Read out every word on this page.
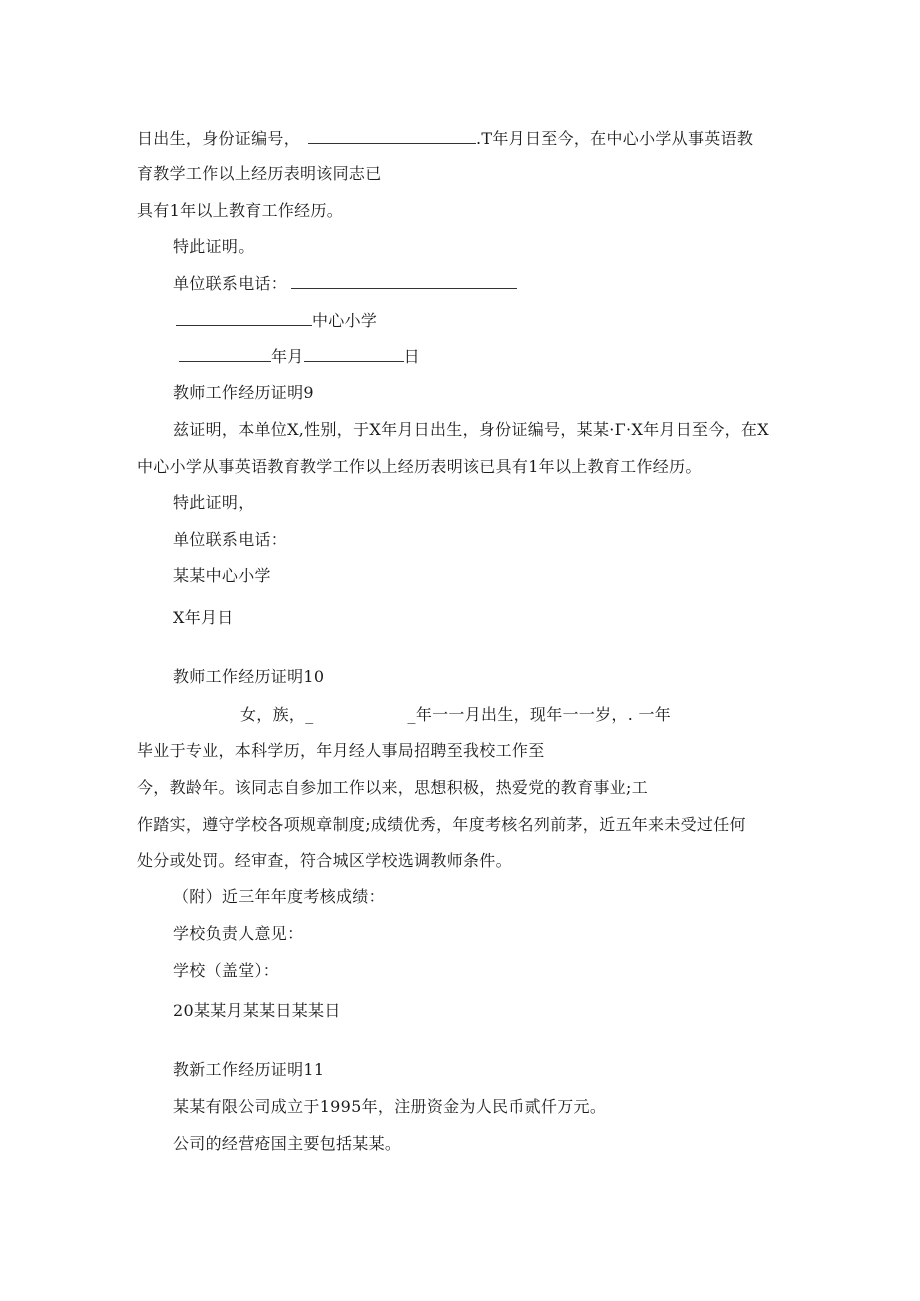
日出生，身份证编号，	.T年月日至今，在中心小学从事英语教
育教学工作以上经历表明该同志已
具有1年以上教育工作经历。
特此证明。
单位联系电话：
中心小学
年月	日
教师工作经历证明9
兹证明，本单位X,性别，于X年月日出生，身份证编号，某某·Γ·X年月日至今，在X
中心小学从事英语教育教学工作以上经历表明该已具有1年以上教育工作经历。
特此证明，
单位联系电话：
某某中心小学
X年月日
教师工作经历证明10
女，族，_	_年一一月出生，现年一一岁，. 一年
毕业于专业，本科学历，年月经人事局招聘至我校工作至
今，教龄年。该同志自参加工作以来，思想积极，热爱党的教育事业;工
作踏实，遵守学校各项规章制度;成绩优秀，年度考核名列前茅，近五年来未受过任何
处分或处罚。经审查，符合城区学校选调教师条件。
（附）近三年年度考核成绩：
学校负责人意见：
学校（盖堂）：
20某某月某某日某某日
教新工作经历证明11
某某有限公司成立于1995年，注册资金为人民币贰仟万元。
公司的经营疮国主要包括某某。
